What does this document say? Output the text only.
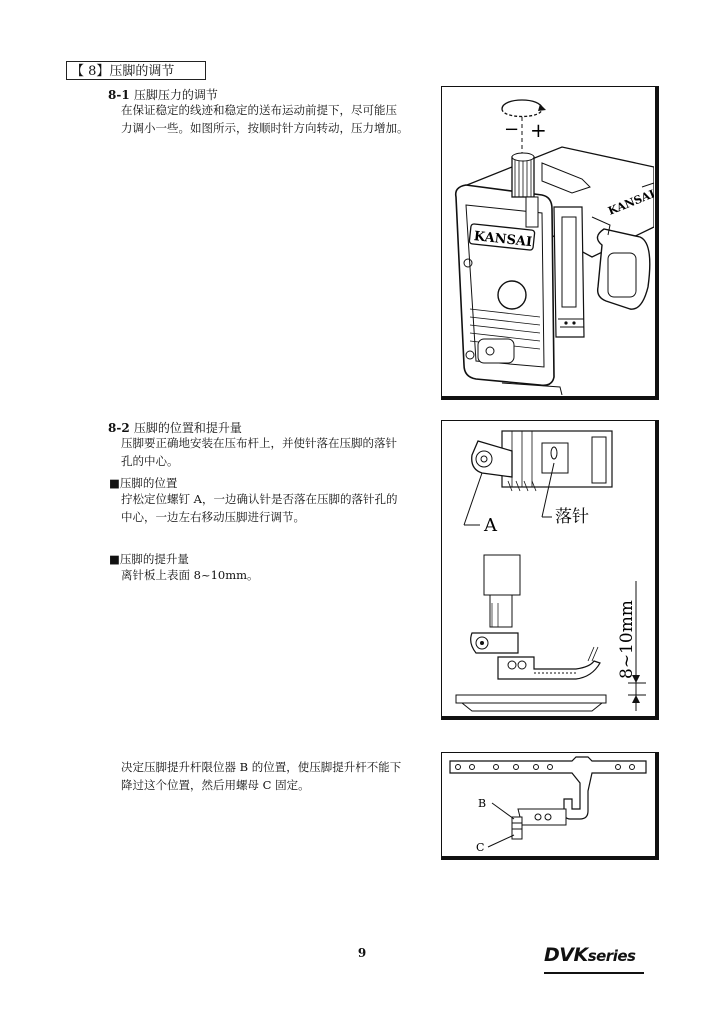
【 8】压脚的调节
8-1 压脚压力的调节
在保证稳定的线迹和稳定的送布运动前提下，尽可能压
力调小一些。如图所示，按顺时针方向转动，压力增加。	− +
KANSAI
KANSAI
8-2 压脚的位置和提升量
压脚要正确地安装在压布杆上，并使针落在压脚的落针
孔的中心。
■压脚的位置
拧松定位螺钉 A，一边确认针是否落在压脚的落针孔的
中心，一边左右移动压脚进行调节。
■压脚的提升量
离针板上表面 8~10mm。
A	落针
8~10mm
决定压脚提升杆限位器 B 的位置，使压脚提升杆不能下
降过这个位置，然后用螺母 C 固定。
B
C
9	DVKseries
